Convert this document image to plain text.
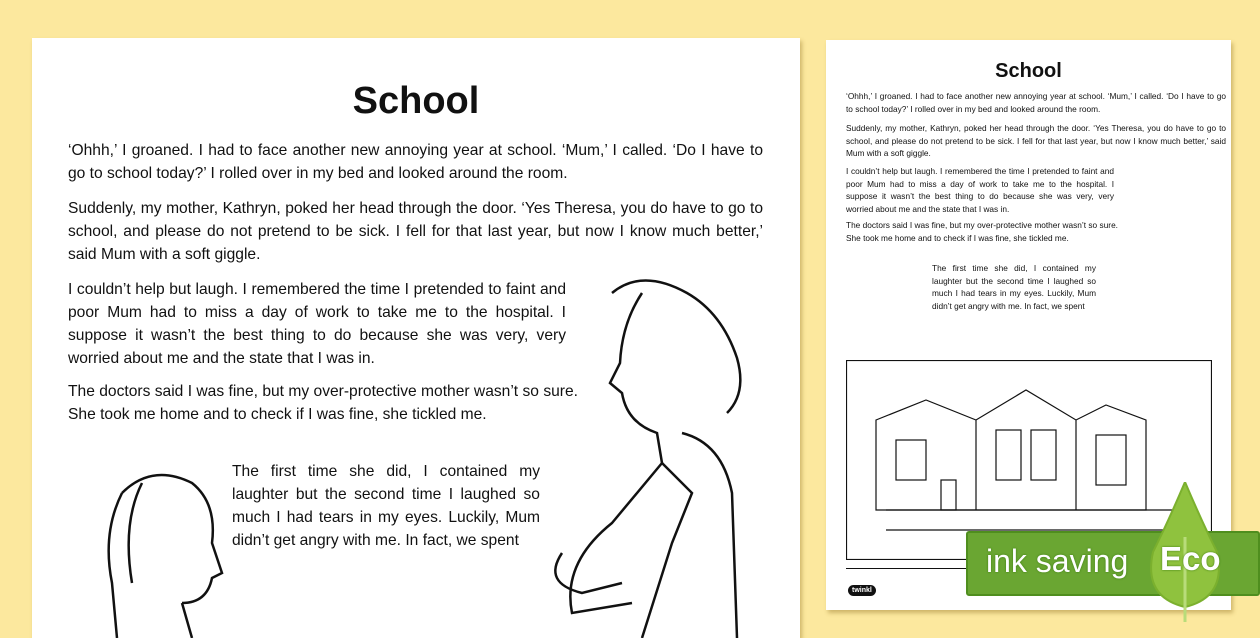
School
‘Ohhh,’ I groaned. I had to face another new annoying year at school. ‘Mum,’ I called. ‘Do I have to go to school today?’ I rolled over in my bed and looked around the room.
Suddenly, my mother, Kathryn, poked her head through the door. ‘Yes Theresa, you do have to go to school, and please do not pretend to be sick. I fell for that last year, but now I know much better,’ said Mum with a soft giggle.
I couldn’t help but laugh. I remembered the time I pretended to faint and poor Mum had to miss a day of work to take me to the hospital. I suppose it wasn’t the best thing to do because she was very, very worried about me and the state that I was in.
The doctors said I was fine, but my over-protective mother wasn’t so sure. She took me home and to check if I was fine, she tickled me.
The first time she did, I contained my laughter but the second time I laughed so much I had tears in my eyes. Luckily, Mum didn’t get angry with me. In fact, we spent
School
‘Ohhh,’ I groaned. I had to face another new annoying year at school. ‘Mum,’ I called. ‘Do I have to go to school today?’ I rolled over in my bed and looked around the room.
Suddenly, my mother, Kathryn, poked her head through the door. ‘Yes Theresa, you do have to go to school, and please do not pretend to be sick. I fell for that last year, but now I know much better,’ said Mum with a soft giggle.
I couldn’t help but laugh. I remembered the time I pretended to faint and poor Mum had to miss a day of work to take me to the hospital. I suppose it wasn’t the best thing to do because she was very, very worried about me and the state that I was in.
The doctors said I was fine, but my over-protective mother wasn’t so sure. She took me home and to check if I was fine, she tickled me.
The first time she did, I contained my laughter but the second time I laughed so much I had tears in my eyes. Luckily, Mum didn’t get angry with me. In fact, we spent
twinkl
ink saving Eco
